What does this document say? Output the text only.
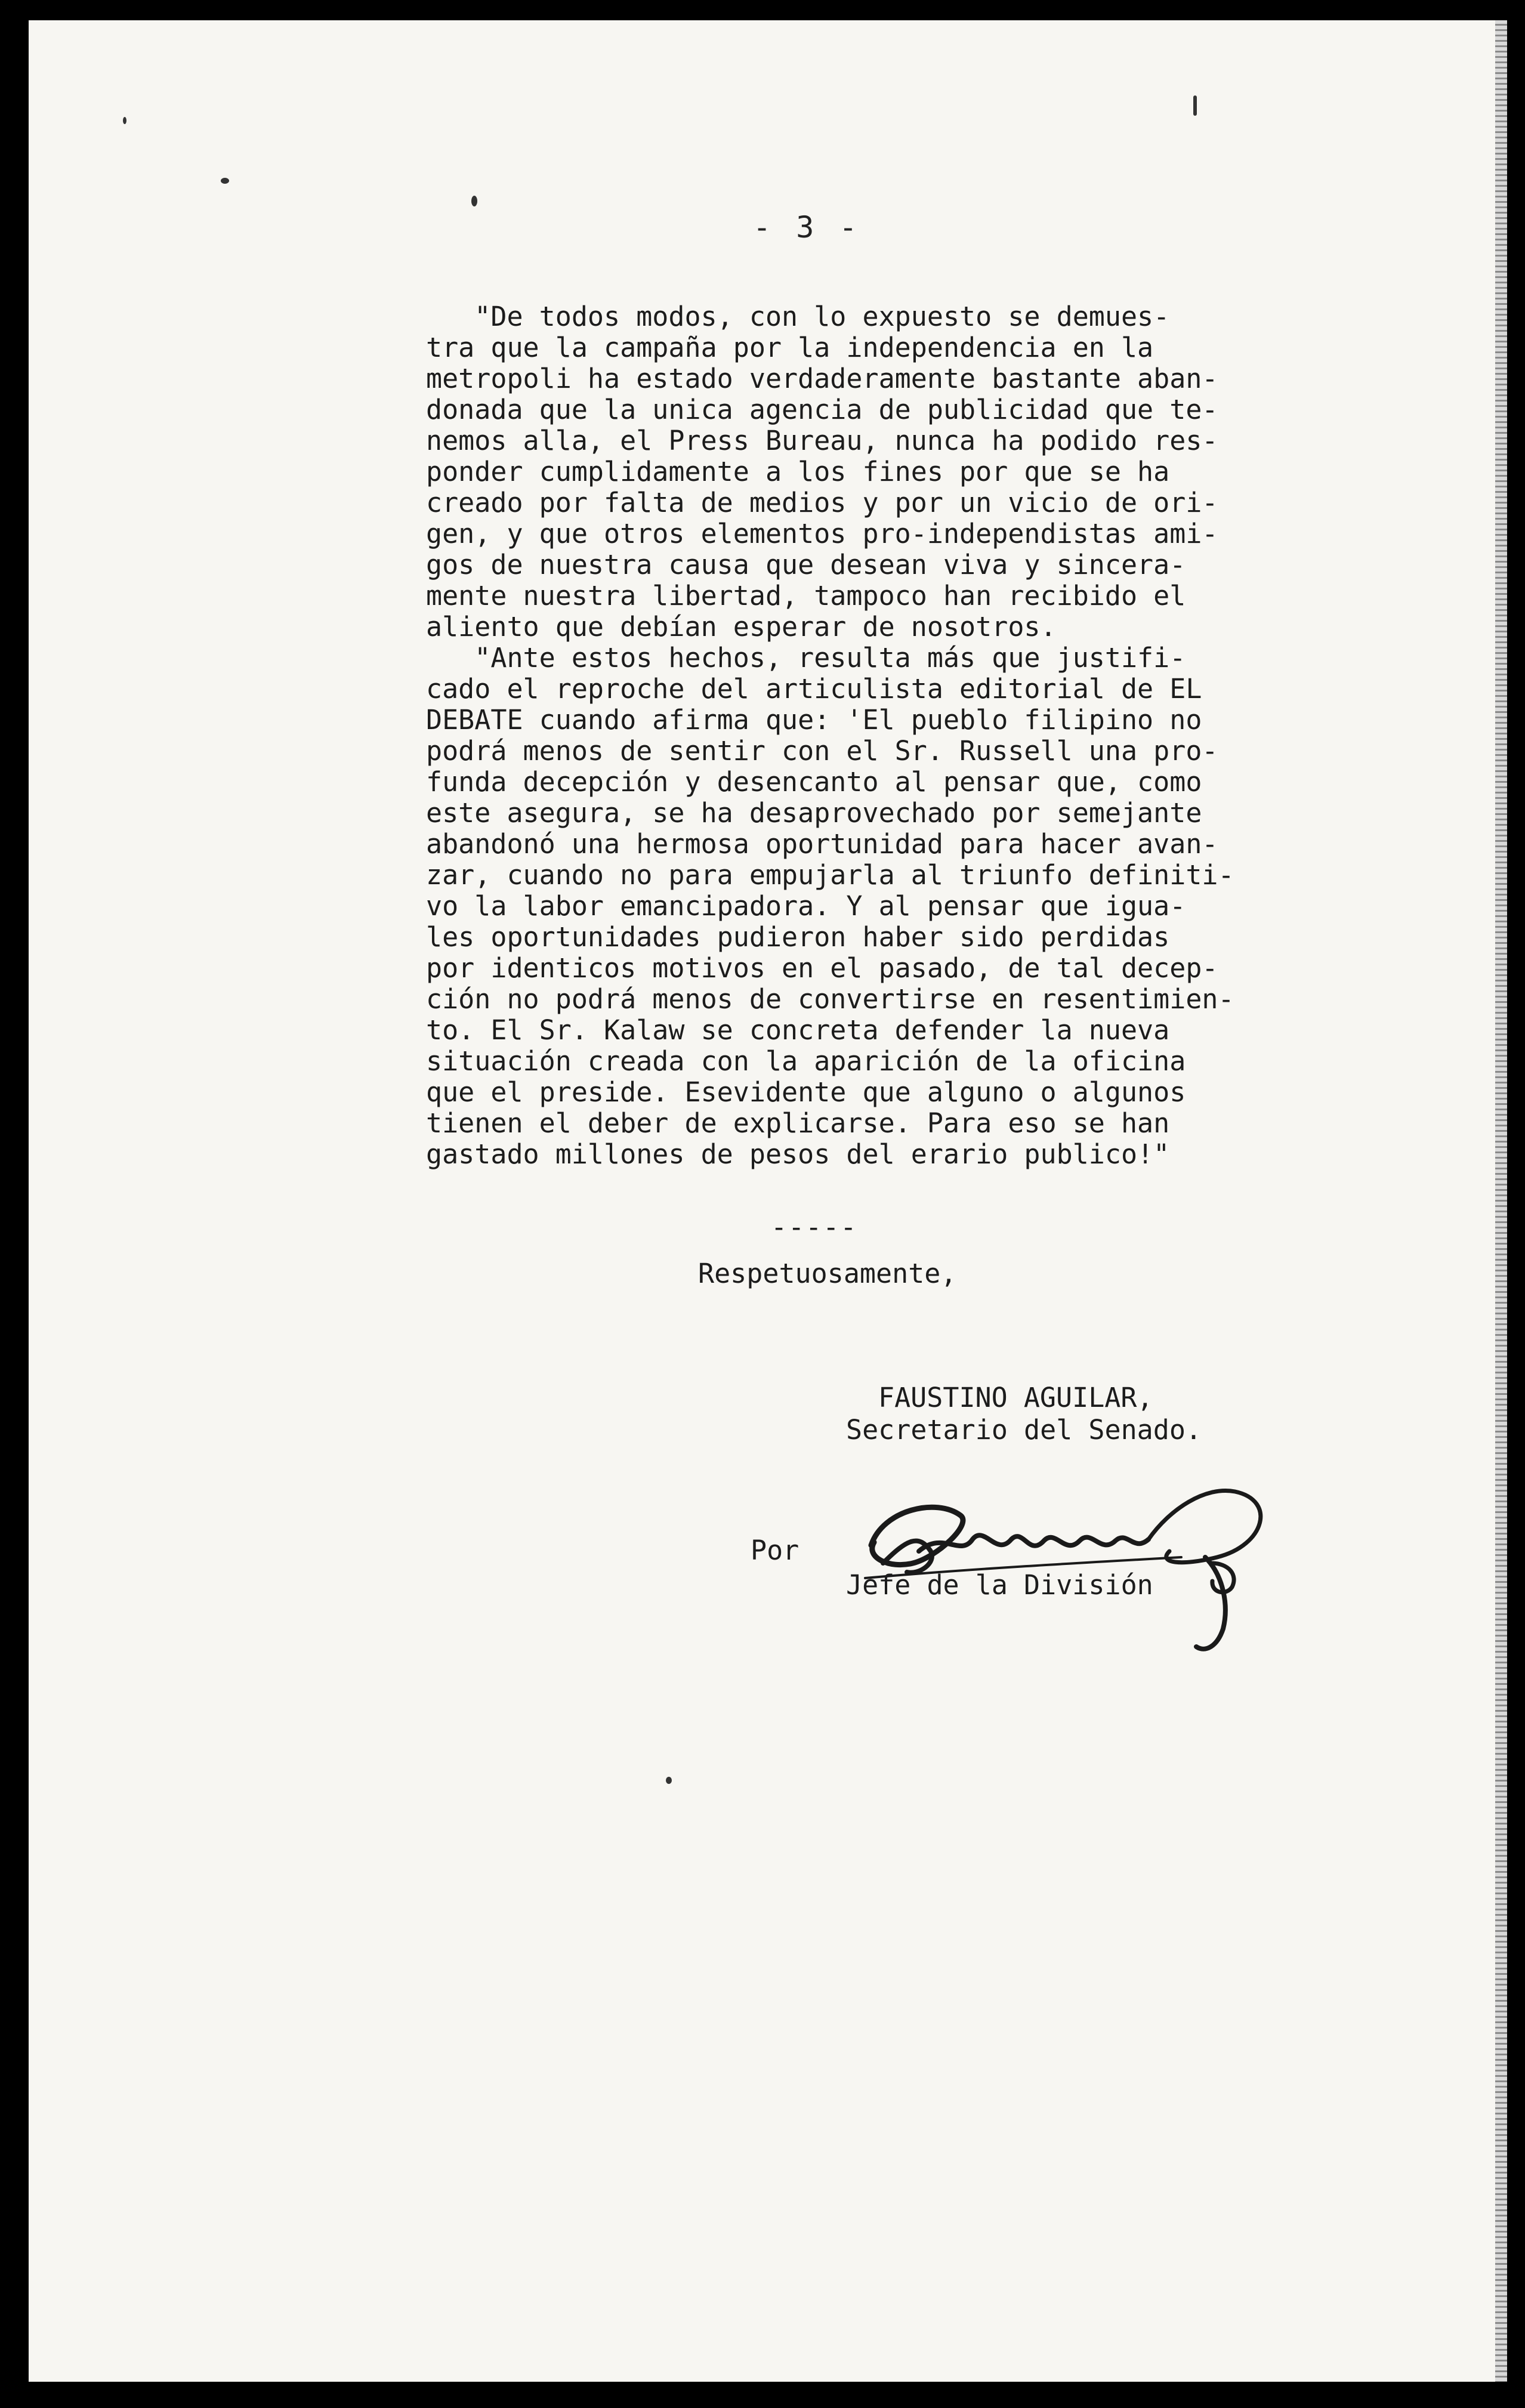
- 3 -

"De todos modos, con lo expuesto se demues-

tra que la campaña por la independencia en la

metropoli ha estado verdaderamente bastante aban-

donada que la unica agencia de publicidad que te-

nemos alla, el Press Bureau, nunca ha podido res-

ponder cumplidamente a los fines por que se ha

creado por falta de medios y por un vicio de ori-

gen, y que otros elementos pro-independistas ami-

gos de nuestra causa que desean viva y sincera-

mente nuestra libertad, tampoco han recibido el

aliento que debían esperar de nosotros.

"Ante estos hechos, resulta más que justifi-

cado el reproche del articulista editorial de EL

DEBATE cuando afirma que: 'El pueblo filipino no

podrá menos de sentir con el Sr. Russell una pro-

funda decepción y desencanto al pensar que, como

este asegura, se ha desaprovechado por semejante

abandonó una hermosa oportunidad para hacer avan-

zar, cuando no para empujarla al triunfo definiti-

vo la labor emancipadora. Y al pensar que igua-

les oportunidades pudieron haber sido perdidas

por identicos motivos en el pasado, de tal decep-

ción no podrá menos de convertirse en resentimien-

to. El Sr. Kalaw se concreta defender la nueva

situación creada con la aparición de la oficina

que el preside. Esevidente que alguno o algunos

tienen el deber de explicarse. Para eso se han

gastado millones de pesos del erario publico!"

-----
Respetuosamente,
FAUSTINO AGUILAR,
Secretario del Senado.
Por
Jefe de la División
